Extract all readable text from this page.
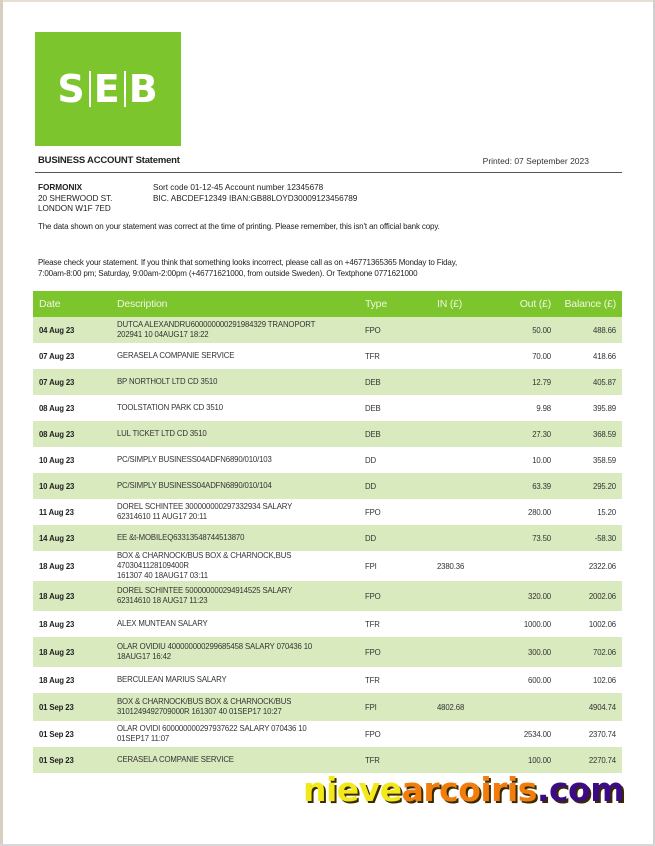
S E B
BUSINESS ACCOUNT Statement	Printed: 07 September 2023
FORMONIX
20 SHERWOOD ST.
LONDON W1F 7ED
Sort code 01-12-45 Account number 12345678
BIC. ABCDEF12349 IBAN:GB88LOYD30009123456789
The data shown on your statement was correct at the time of printing. Please remember, this isn't an official bank copy.
Please check your statement. If you think that something looks incorrect, please call as on +46771365365 Monday to Fiday, 7:00am-8:00 pm; Saturday, 9:00am-2:00pm (+46771621000, from outside Sweden). Or Textphone 0771621000
Date	Description	Type	IN (£)	Out (£)	Balance (£)
04 Aug 23	DUTCA ALEXANDRU600000000291984329 TRANOPORT
202941 10 04AUG17 18:22	FPO		50.00	488.66
07 Aug 23	GERASELA COMPANIE SERVICE	TFR		70.00	418.66
07 Aug 23	BP NORTHOLT LTD CD 3510	DEB		12.79	405.87
08 Aug 23	TOOLSTATION PARK CD 3510	DEB		9.98	395.89
08 Aug 23	LUL TICKET LTD CD 3510	DEB		27.30	368.59
10 Aug 23	PC/SIMPLY BUSINESS04ADFN6890/010/103	DD		10.00	358.59
10 Aug 23	PC/SIMPLY BUSINESS04ADFN6890/010/104	DD		63.39	295.20
11 Aug 23	DOREL SCHINTEE 300000000297332934 SALARY
62314610 11 AUG17 20:11	FPO		280.00	15.20
14 Aug 23	EE &t-MOBILEQ63313548744513870	DD		73.50	-58.30
18 Aug 23	BOX & CHARNOCK/BUS BOX & CHARNOCK,BUS 4703041128109400R
161307 40 18AUG17 03:11	FPI	2380.36		2322.06
18 Aug 23	DOREL SCHINTEE 500000000294914525 SALARY
62314610 18 AUG17 11:23	FPO		320.00	2002.06
18 Aug 23	ALEX MUNTEAN SALARY	TFR		1000.00	1002.06
18 Aug 23	OLAR OVIDIU 400000000299685458 SALARY 070436 10
18AUG17 16:42	FPO		300.00	702.06
18 Aug 23	BERCULEAN MARIUS SALARY	TFR		600.00	102.06
01 Sep 23	BOX & CHARNOCK/BUS BOX & CHARNOCK/BUS
3101249492709000R 161307 40 01SEP17 10:27	FPI	4802.68		4904.74
01 Sep 23	OLAR OVIDI 600000000297937622 SALARY 070436 10
01SEP17 11:07	FPO		2534.00	2370.74
01 Sep 23	CERASELA COMPANIE SERVICE	TFR		100.00	2270.74
nievearcoiris.com
